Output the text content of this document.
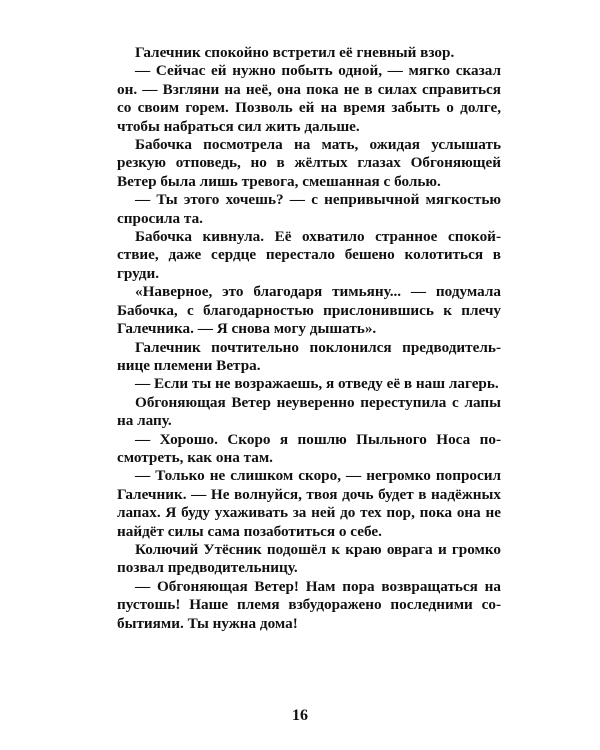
Галечник спокойно встретил её гневный взор.

— Сейчас ей нужно побыть одной, — мягко сказал он. — Взгляни на неё, она пока не в силах справиться со своим горем. Позволь ей на время забыть о долге, чтобы набраться сил жить дальше.

Бабочка посмотрела на мать, ожидая услышать резкую отповедь, но в жёлтых глазах Обгоняющей Ветер была лишь тревога, смешанная с болью.

— Ты этого хочешь? — с непривычной мягкостью спросила та.

Бабочка кивнула. Её охватило странное спокойствие, даже сердце перестало бешено колотиться в груди.

«Наверное, это благодаря тимьяну... — подумала Бабочка, с благодарностью прислонившись к плечу Галечника. — Я снова могу дышать».

Галечник почтительно поклонился предводительнице племени Ветра.

— Если ты не возражаешь, я отведу её в наш лагерь.

Обгоняющая Ветер неуверенно переступила с лапы на лапу.

— Хорошо. Скоро я пошлю Пыльного Носа посмотреть, как она там.

— Только не слишком скоро, — негромко попросил Галечник. — Не волнуйся, твоя дочь будет в надёжных лапах. Я буду ухаживать за ней до тех пор, пока она не найдёт силы сама позаботиться о себе.

Колючий Утёсник подошёл к краю оврага и громко позвал предводительницу.

— Обгоняющая Ветер! Нам пора возвращаться на пустошь! Наше племя взбудоражено последними событиями. Ты нужна дома!

16
